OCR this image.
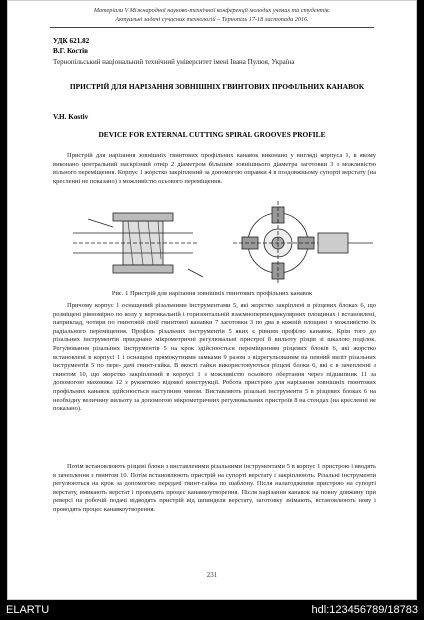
Матеріали V Міжнародної науково-технічної конференції молодих учених та студентів.
Актуальні задачі сучасних технологій – Тернопіль 17-18 листопада 2016.
УДК 621.82
В.Г. Костів
Тернопільський національний технічний університет імені Івана Пулюя, Україна
ПРИСТРІЙ ДЛЯ НАРІЗАННЯ ЗОВНІШНІХ ГВИНТОВИХ ПРОФІЛЬНИХ КАНАВОК
V.H. Kostiv
DEVICE FOR EXTERNAL CUTTING SPIRAL GROOVES PROFILE
Пристрій для нарізання зовнішніх гвинтових профільних канавок виконано у вигляді корпуса 1, в якому виконано центральний наскрізний отвір 2 діаметром більшим зовнішнього діаметра заготовки 3 з можливістю вільного переміщення. Корпус 1 жорстко закріплений за допомогою оправки 4 в поздовжньому супорті верстату (на кресленні не показано) з можливістю осьового переміщення.
Рис. 1 Пристрій для нарізання зовнішніх гвинтових профільних канавок
Причому корпус 1 оснащений різальними інструментами 5, які жорстко закріплені в різцевих блоках 6, що розміщені рівномірно по колу у вертикальній і горизонтальній взаємноперпендикулярних площинах і встановлені, наприклад, чотири по гвинтовій лінії гвинтової канавки 7 заготовки 3 по два в кожній площині з можливістю їх радіального переміщення. Профіль різальних інструментів 5 яких є рівним профілю канавок. Крім того до різальних інструментів приєднано мікрометричні регулювальні пристрої 8 вильоту різців зі шкалою поділок. Регулювання різальних інструментів 5 на крок здійснюється переміщенням різцевих блоків 6, які жорстко встановлені в корпусі 1 і оснащені прямокутними замками 9 разом з відрегульованим на певний виліт різальних інструментів 5 по пере- дачі гвинт-гайка. В якості гайки використовуються різцеві блоки 6, які є в зачепленні з гвинтом 10, що жорстко закріплений в корпусі 1 з можливістю осьового обертання через підшипник 11 за допомогою маховика 12 з рукояткою відомої конструкції. Робота пристрою для нарізання зовнішніх гвинтових профільних канавок здійснюється наступним чином. Виставляють різальні інструменти 5 в різцевих блоках 6 на необхідну величину вильоту за допомогою мікрометричних регулювальних пристроїв 8 на стендах (на кресленні не показано).
Потім встановлюють різцеві блоки з виставленими різальними інструментами 5 в корпус 1 пристрою і вводять в зачеплення з гвинтом 10. Потім встановлюють пристрій на супорті верстату і закріплюють. Різальні інструменти регулюються на крок за допомогою передачі гвинт-гайка по шаблону. Після налагодження пристрою на супорті верстату, вмикають верстат і проводять процес канавкоутворення. Після нарізання канавок на повну довжину при реверсі на робочій подачі відводять пристрій від шпинделя верстату, заготовку знімають, встановлюють нову і проводять процес канавкоутворення.
231
ELARTU	hdl:123456789/18783
